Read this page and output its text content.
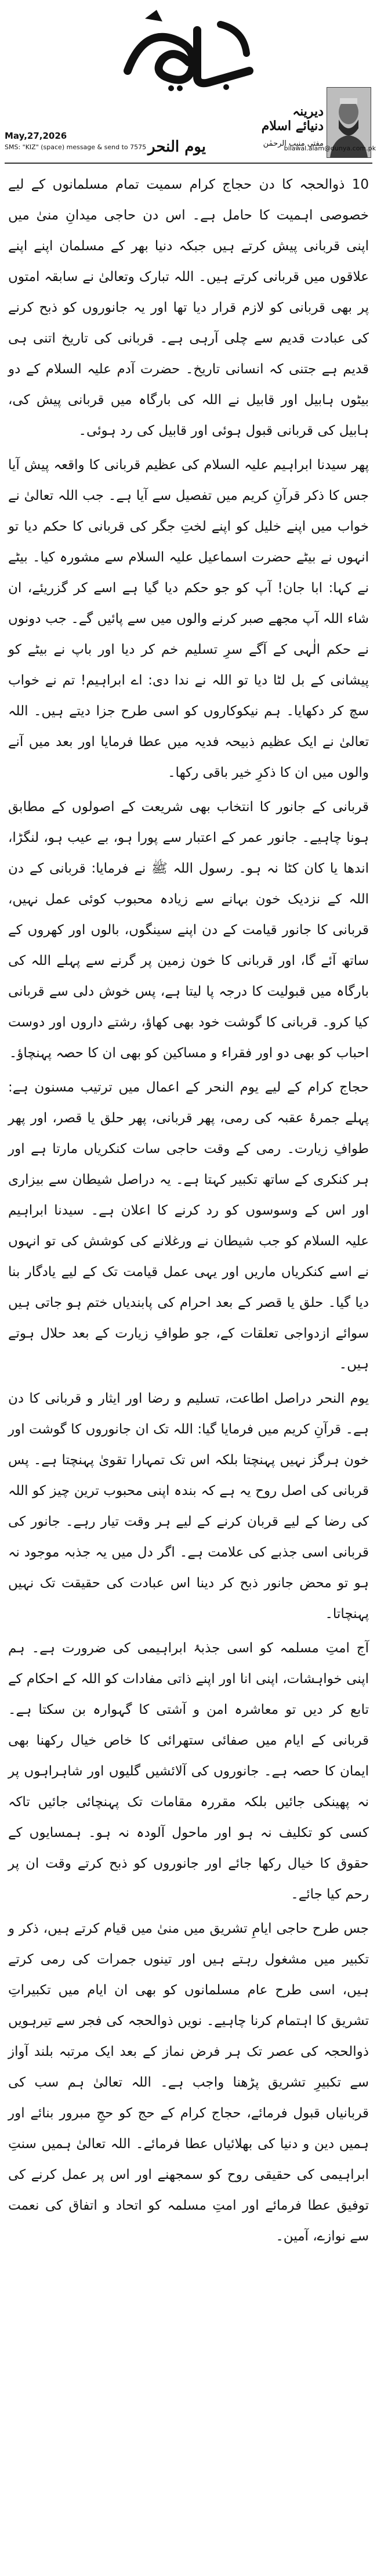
دیرینہ
دنیائے اسلام
مفتی منیب الرحمٰن
May,27,2026
SMS: "KIZ" (space) message & send to 7575	bilawal.alam@dunya.com.pk
یوم النحر

10 ذوالحجہ کا دن حجاج کرام سمیت تمام مسلمانوں کے لیے خصوصی اہمیت کا حامل ہے۔ اس دن حاجی میدانِ منیٰ میں اپنی قربانی پیش کرتے ہیں جبکہ دنیا بھر کے مسلمان اپنے اپنے علاقوں میں قربانی کرتے ہیں۔ اللہ تبارک وتعالیٰ نے سابقہ امتوں پر بھی قربانی کو لازم قرار دیا تھا اور یہ جانوروں کو ذبح کرنے کی عبادت قدیم سے چلی آرہی ہے۔ قربانی کی تاریخ اتنی ہی قدیم ہے جتنی کہ انسانی تاریخ۔ حضرت آدم علیہ السلام کے دو بیٹوں ہابیل اور قابیل نے اللہ کی بارگاہ میں قربانی پیش کی، ہابیل کی قربانی قبول ہوئی اور قابیل کی رد ہوئی۔

پھر سیدنا ابراہیم علیہ السلام کی عظیم قربانی کا واقعہ پیش آیا جس کا ذکر قرآنِ کریم میں تفصیل سے آیا ہے۔ جب اللہ تعالیٰ نے خواب میں اپنے خلیل کو اپنے لختِ جگر کی قربانی کا حکم دیا تو انہوں نے بیٹے حضرت اسماعیل علیہ السلام سے مشورہ کیا۔ بیٹے نے کہا: ابا جان! آپ کو جو حکم دیا گیا ہے اسے کر گزریئے، ان شاء اللہ آپ مجھے صبر کرنے والوں میں سے پائیں گے۔ جب دونوں نے حکم الٰہی کے آگے سرِ تسلیم خم کر دیا اور باپ نے بیٹے کو پیشانی کے بل لٹا دیا تو اللہ نے ندا دی: اے ابراہیم! تم نے خواب سچ کر دکھایا۔ ہم نیکوکاروں کو اسی طرح جزا دیتے ہیں۔ اللہ تعالیٰ نے ایک عظیم ذبیحہ فدیہ میں عطا فرمایا اور بعد میں آنے والوں میں ان کا ذکرِ خیر باقی رکھا۔

قربانی کے جانور کا انتخاب بھی شریعت کے اصولوں کے مطابق ہونا چاہیے۔ جانور عمر کے اعتبار سے پورا ہو، بے عیب ہو، لنگڑا، اندھا یا کان کٹا نہ ہو۔ رسول اللہ ﷺ نے فرمایا: قربانی کے دن اللہ کے نزدیک خون بہانے سے زیادہ محبوب کوئی عمل نہیں، قربانی کا جانور قیامت کے دن اپنے سینگوں، بالوں اور کھروں کے ساتھ آئے گا، اور قربانی کا خون زمین پر گرنے سے پہلے اللہ کی بارگاہ میں قبولیت کا درجہ پا لیتا ہے، پس خوش دلی سے قربانی کیا کرو۔ قربانی کا گوشت خود بھی کھاؤ، رشتے داروں اور دوست احباب کو بھی دو اور فقراء و مساکین کو بھی ان کا حصہ پہنچاؤ۔

حجاج کرام کے لیے یوم النحر کے اعمال میں ترتیب مسنون ہے: پہلے جمرۂ عقبہ کی رمی، پھر قربانی، پھر حلق یا قصر، اور پھر طوافِ زیارت۔ رمی کے وقت حاجی سات کنکریاں مارتا ہے اور ہر کنکری کے ساتھ تکبیر کہتا ہے۔ یہ دراصل شیطان سے بیزاری اور اس کے وسوسوں کو رد کرنے کا اعلان ہے۔ سیدنا ابراہیم علیہ السلام کو جب شیطان نے ورغلانے کی کوشش کی تو انہوں نے اسے کنکریاں ماریں اور یہی عمل قیامت تک کے لیے یادگار بنا دیا گیا۔ حلق یا قصر کے بعد احرام کی پابندیاں ختم ہو جاتی ہیں سوائے ازدواجی تعلقات کے، جو طوافِ زیارت کے بعد حلال ہوتے ہیں۔

یوم النحر دراصل اطاعت، تسلیم و رضا اور ایثار و قربانی کا دن ہے۔ قرآنِ کریم میں فرمایا گیا: اللہ تک ان جانوروں کا گوشت اور خون ہرگز نہیں پہنچتا بلکہ اس تک تمہارا تقویٰ پہنچتا ہے۔ پس قربانی کی اصل روح یہ ہے کہ بندہ اپنی محبوب ترین چیز کو اللہ کی رضا کے لیے قربان کرنے کے لیے ہر وقت تیار رہے۔ جانور کی قربانی اسی جذبے کی علامت ہے۔ اگر دل میں یہ جذبہ موجود نہ ہو تو محض جانور ذبح کر دینا اس عبادت کی حقیقت تک نہیں پہنچاتا۔

آج امتِ مسلمہ کو اسی جذبۂ ابراہیمی کی ضرورت ہے۔ ہم اپنی خواہشات، اپنی انا اور اپنے ذاتی مفادات کو اللہ کے احکام کے تابع کر دیں تو معاشرہ امن و آشتی کا گہوارہ بن سکتا ہے۔ قربانی کے ایام میں صفائی ستھرائی کا خاص خیال رکھنا بھی ایمان کا حصہ ہے۔ جانوروں کی آلائشیں گلیوں اور شاہراہوں پر نہ پھینکی جائیں بلکہ مقررہ مقامات تک پہنچائی جائیں تاکہ کسی کو تکلیف نہ ہو اور ماحول آلودہ نہ ہو۔ ہمسایوں کے حقوق کا خیال رکھا جائے اور جانوروں کو ذبح کرتے وقت ان پر رحم کیا جائے۔

جس طرح حاجی ایامِ تشریق میں منیٰ میں قیام کرتے ہیں، ذکر و تکبیر میں مشغول رہتے ہیں اور تینوں جمرات کی رمی کرتے ہیں، اسی طرح عام مسلمانوں کو بھی ان ایام میں تکبیراتِ تشریق کا اہتمام کرنا چاہیے۔ نویں ذوالحجہ کی فجر سے تیرہویں ذوالحجہ کی عصر تک ہر فرض نماز کے بعد ایک مرتبہ بلند آواز سے تکبیرِ تشریق پڑھنا واجب ہے۔ اللہ تعالیٰ ہم سب کی قربانیاں قبول فرمائے، حجاج کرام کے حج کو حجِ مبرور بنائے اور ہمیں دین و دنیا کی بھلائیاں عطا فرمائے۔ اللہ تعالیٰ ہمیں سنتِ ابراہیمی کی حقیقی روح کو سمجھنے اور اس پر عمل کرنے کی توفیق عطا فرمائے اور امتِ مسلمہ کو اتحاد و اتفاق کی نعمت سے نوازے، آمین۔
